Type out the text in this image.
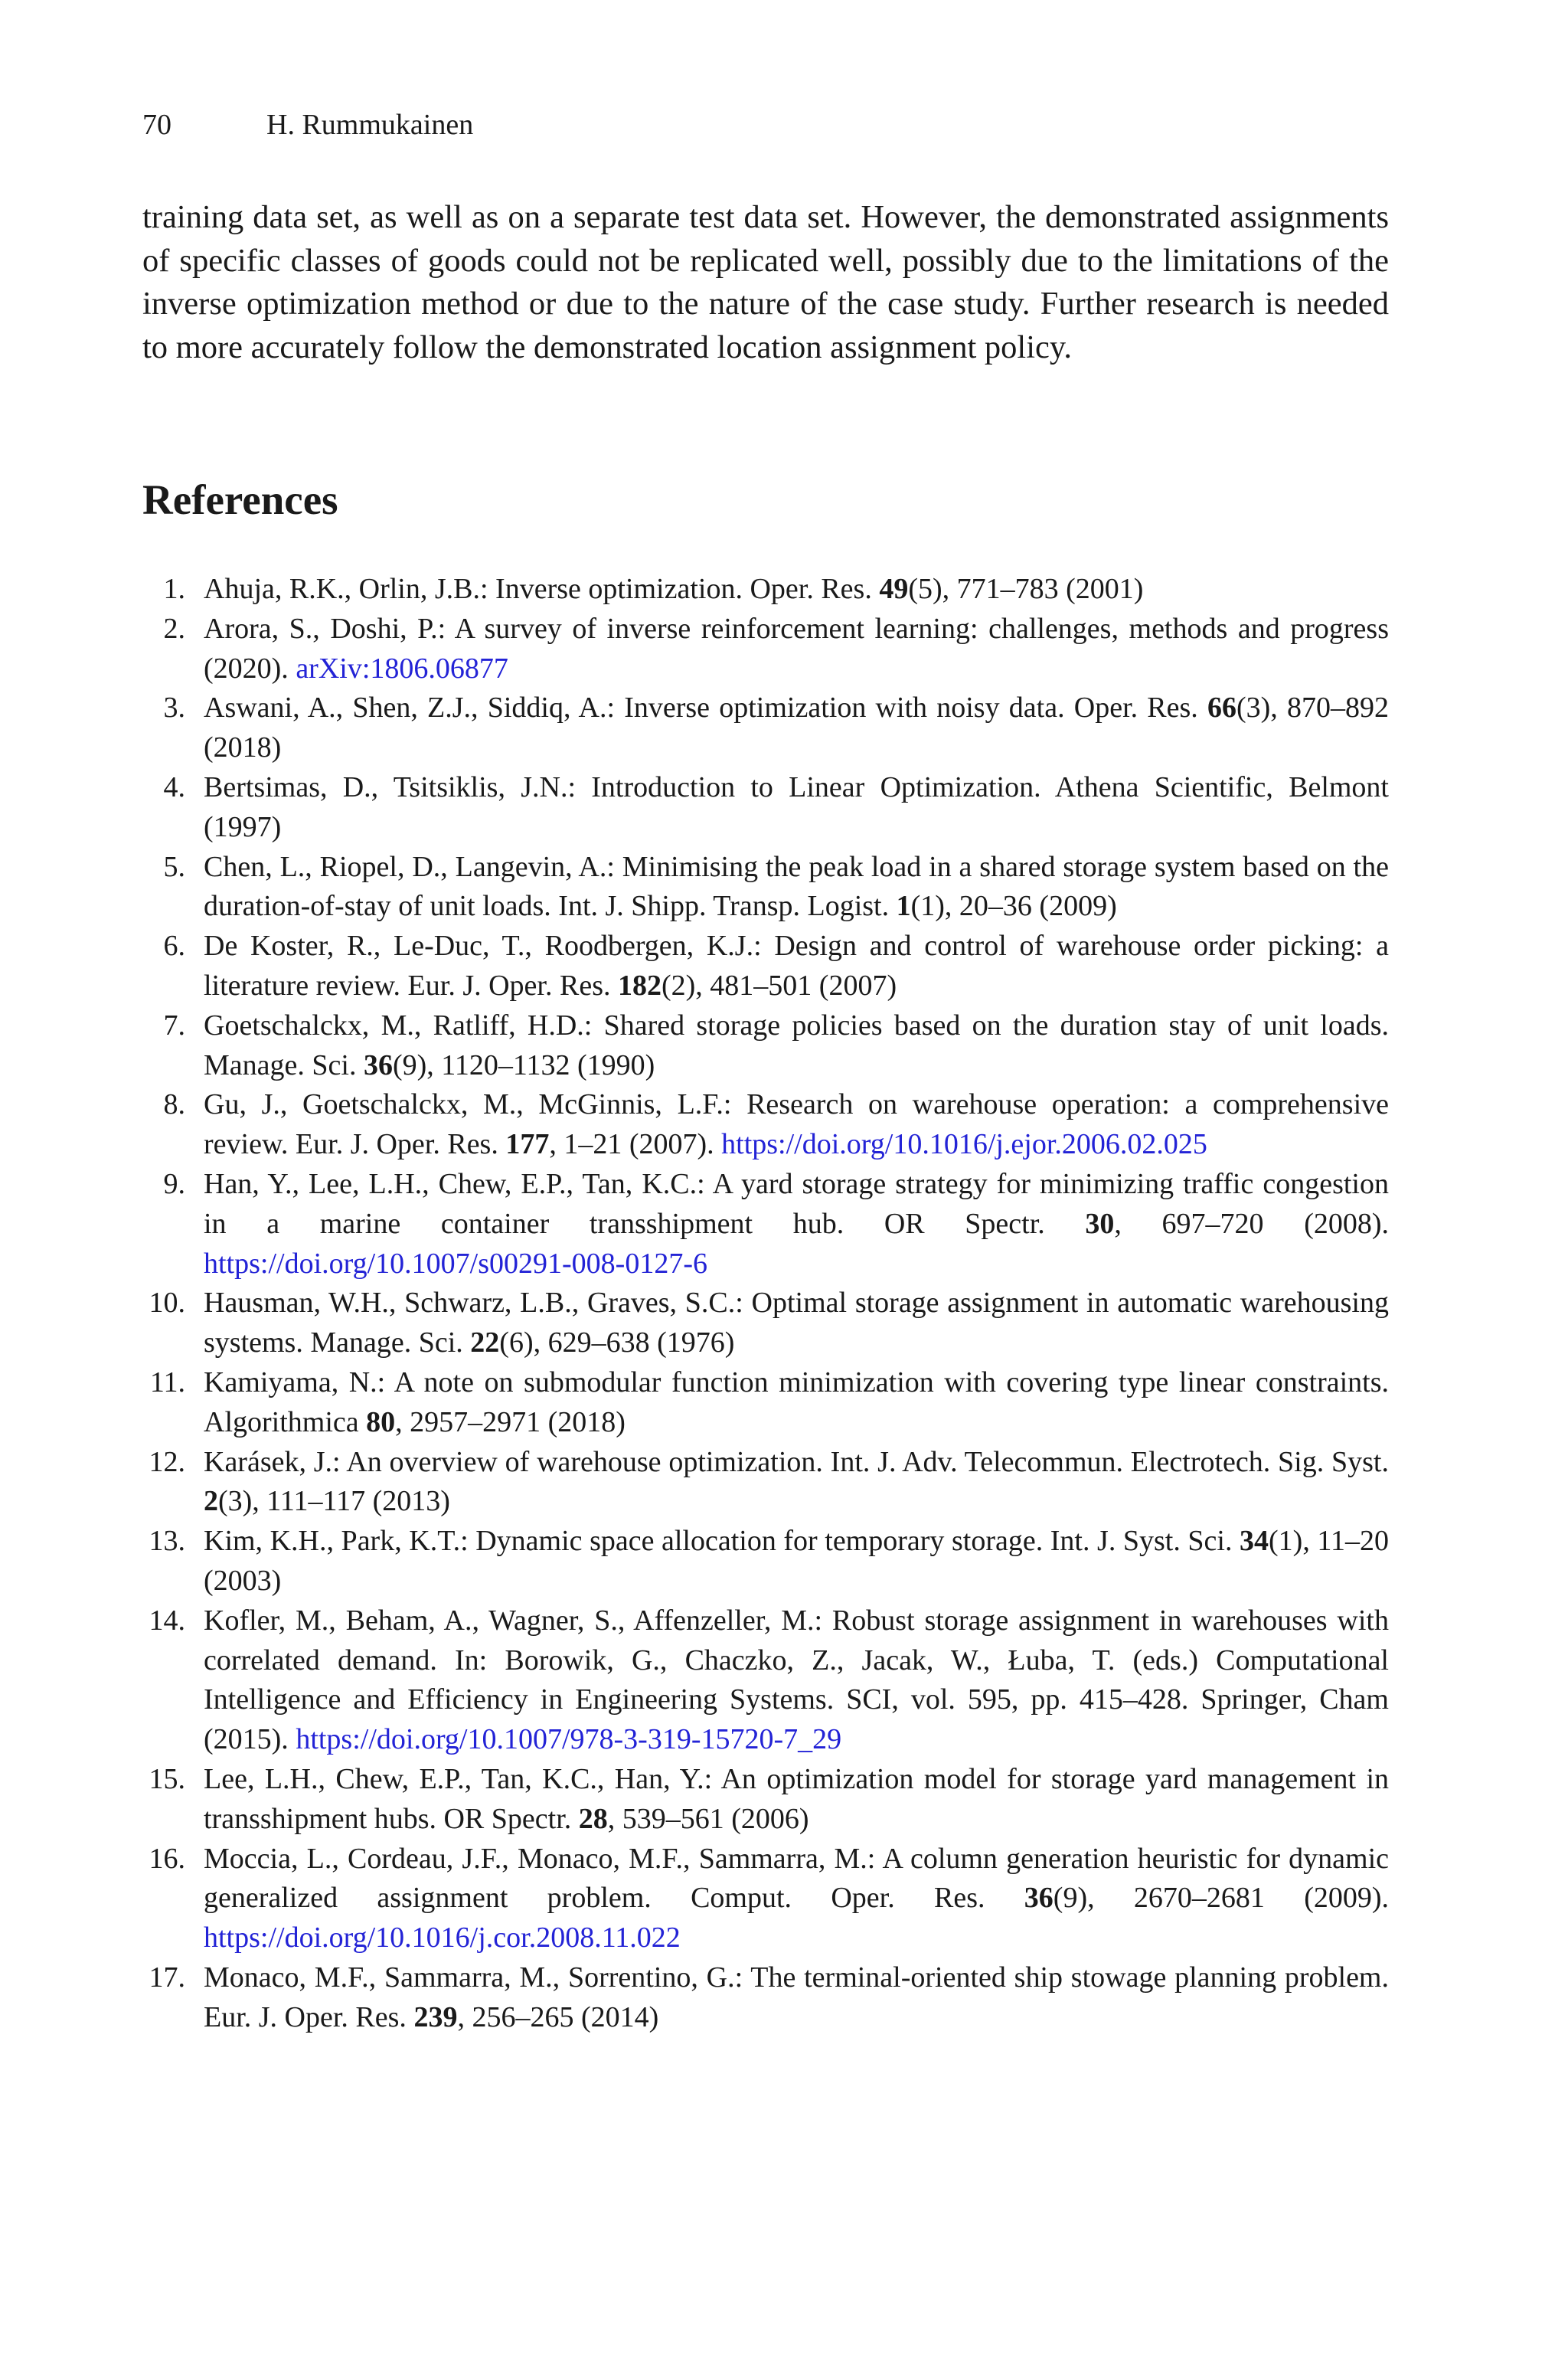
70	H. Rummukainen

training data set, as well as on a separate test data set. However, the demonstrated assignments of specific classes of goods could not be replicated well, possibly due to the limitations of the inverse optimization method or due to the nature of the case study. Further research is needed to more accurately follow the demonstrated location assignment policy.

References
1. Ahuja, R.K., Orlin, J.B.: Inverse optimization. Oper. Res. 49(5), 771–783 (2001)
2. Arora, S., Doshi, P.: A survey of inverse reinforcement learning: challenges, methods and progress (2020). arXiv:1806.06877
3. Aswani, A., Shen, Z.J., Siddiq, A.: Inverse optimization with noisy data. Oper. Res. 66(3), 870–892 (2018)
4. Bertsimas, D., Tsitsiklis, J.N.: Introduction to Linear Optimization. Athena Scientific, Belmont (1997)
5. Chen, L., Riopel, D., Langevin, A.: Minimising the peak load in a shared storage system based on the duration-of-stay of unit loads. Int. J. Shipp. Transp. Logist. 1(1), 20–36 (2009)
6. De Koster, R., Le-Duc, T., Roodbergen, K.J.: Design and control of warehouse order picking: a literature review. Eur. J. Oper. Res. 182(2), 481–501 (2007)
7. Goetschalckx, M., Ratliff, H.D.: Shared storage policies based on the duration stay of unit loads. Manage. Sci. 36(9), 1120–1132 (1990)
8. Gu, J., Goetschalckx, M., McGinnis, L.F.: Research on warehouse operation: a comprehensive review. Eur. J. Oper. Res. 177, 1–21 (2007). https://doi.org/10.​1016/j.ejor.2006.02.025
9. Han, Y., Lee, L.H., Chew, E.P., Tan, K.C.: A yard storage strategy for minimizing traffic congestion in a marine container transshipment hub. OR Spectr. 30, 697–720 (2008). https://doi.org/10.1007/s00291-008-0127-6
10. Hausman, W.H., Schwarz, L.B., Graves, S.C.: Optimal storage assignment in automatic warehousing systems. Manage. Sci. 22(6), 629–638 (1976)
11. Kamiyama, N.: A note on submodular function minimization with covering type linear constraints. Algorithmica 80, 2957–2971 (2018)
12. Karásek, J.: An overview of warehouse optimization. Int. J. Adv. Telecommun. Electrotech. Sig. Syst. 2(3), 111–117 (2013)
13. Kim, K.H., Park, K.T.: Dynamic space allocation for temporary storage. Int. J. Syst. Sci. 34(1), 11–20 (2003)
14. Kofler, M., Beham, A., Wagner, S., Affenzeller, M.: Robust storage assignment in warehouses with correlated demand. In: Borowik, G., Chaczko, Z., Jacak, W., Łuba, T. (eds.) Computational Intelligence and Efficiency in Engineering Systems. SCI, vol. 595, pp. 415–428. Springer, Cham (2015). https://doi.org/10.1007/978-​3-319-15720-7_29
15. Lee, L.H., Chew, E.P., Tan, K.C., Han, Y.: An optimization model for storage yard management in transshipment hubs. OR Spectr. 28, 539–561 (2006)
16. Moccia, L., Cordeau, J.F., Monaco, M.F., Sammarra, M.: A column generation heuristic for dynamic generalized assignment problem. Comput. Oper. Res. 36(9), 2670–2681 (2009). https://doi.org/10.1016/j.cor.2008.11.022
17. Monaco, M.F., Sammarra, M., Sorrentino, G.: The terminal-oriented ship stowage planning problem. Eur. J. Oper. Res. 239, 256–265 (2014)
